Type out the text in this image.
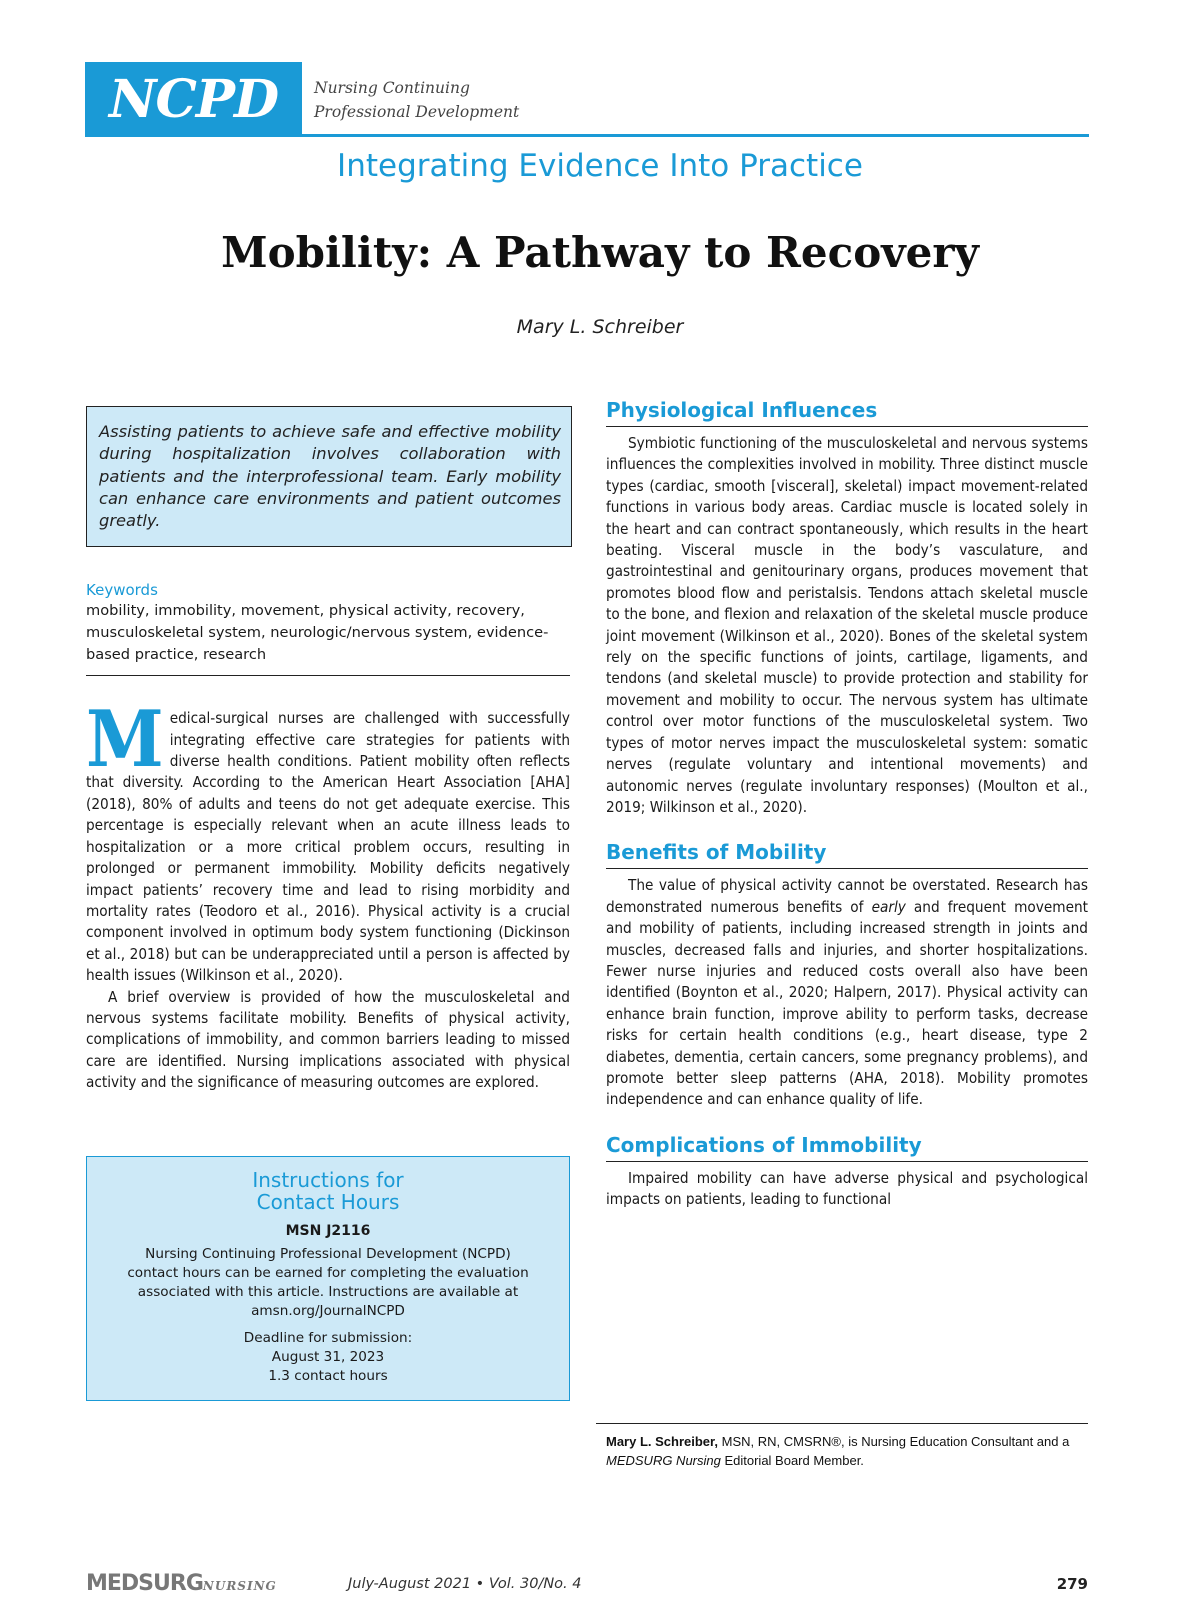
NCPD Nursing Continuing
Professional Development
Integrating Evidence Into Practice
Mobility: A Pathway to Recovery
Mary L. Schreiber

Assisting patients to achieve safe and effective mobility during hospitalization involves collaboration with patients and the interprofessional team. Early mobility can enhance care environments and patient outcomes greatly.

Keywords

mobility, immobility, movement, physical activity, recovery, musculoskeletal system, neurologic/nervous system, evidence-based practice, research

Medical-surgical nurses are challenged with successfully integrating effective care strategies for patients with diverse health conditions. Patient mobility often reflects that diversity. According to the American Heart Association [AHA] (2018), 80% of adults and teens do not get adequate exercise. This percentage is especially relevant when an acute illness leads to hospitalization or a more critical problem occurs, resulting in prolonged or permanent immobility. Mobility deficits negatively impact patients’ recovery time and lead to rising morbidity and mortality rates (Teodoro et al., 2016). Physical activity is a crucial component involved in optimum body system functioning (Dickinson et al., 2018) but can be underappreciated until a person is affected by health issues (Wilkinson et al., 2020).

A brief overview is provided of how the musculoskeletal and nervous systems facilitate mobility. Benefits of physical activity, complications of immobility, and common barriers leading to missed care are identified. Nursing implications associated with physical activity and the significance of measuring outcomes are explored.

Instructions for
Contact Hours
MSN J2116
Nursing Continuing Professional Development (NCPD) contact hours can be earned for completing the evaluation associated with this article. Instructions are available at amsn.org/JournalNCPD
Deadline for submission:
August 31, 2023
1.3 contact hours
Physiological Influences

Symbiotic functioning of the musculoskeletal and nervous systems influences the complexities involved in mobility. Three distinct muscle types (cardiac, smooth [visceral], skeletal) impact movement-related functions in various body areas. Cardiac muscle is located solely in the heart and can contract spontaneously, which results in the heart beating. Visceral muscle in the body’s vasculature, and gastrointestinal and genitourinary organs, produces movement that promotes blood flow and peristalsis. Tendons attach skeletal muscle to the bone, and flexion and relaxation of the skeletal muscle produce joint movement (Wilkinson et al., 2020). Bones of the skeletal system rely on the specific functions of joints, cartilage, ligaments, and tendons (and skeletal muscle) to provide protection and stability for movement and mobility to occur. The nervous system has ultimate control over motor functions of the musculoskeletal system. Two types of motor nerves impact the musculoskeletal system: somatic nerves (regulate voluntary and intentional movements) and autonomic nerves (regulate involuntary responses) (Moulton et al., 2019; Wilkinson et al., 2020).

Benefits of Mobility

The value of physical activity cannot be overstated. Research has demonstrated numerous benefits of early and frequent movement and mobility of patients, including increased strength in joints and muscles, decreased falls and injuries, and shorter hospitalizations. Fewer nurse injuries and reduced costs overall also have been identified (Boynton et al., 2020; Halpern, 2017). Physical activity can enhance brain function, improve ability to perform tasks, decrease risks for certain health conditions (e.g., heart disease, type 2 diabetes, dementia, certain cancers, some pregnancy problems), and promote better sleep patterns (AHA, 2018). Mobility promotes independence and can enhance quality of life.

Complications of Immobility

Impaired mobility can have adverse physical and psychological impacts on patients, leading to functional

Mary L. Schreiber, MSN, RN, CMSRN®, is Nursing Education Consultant and a MEDSURG Nursing Editorial Board Member.
MEDSURGNURSING	July-August 2021 • Vol. 30/No. 4	279
